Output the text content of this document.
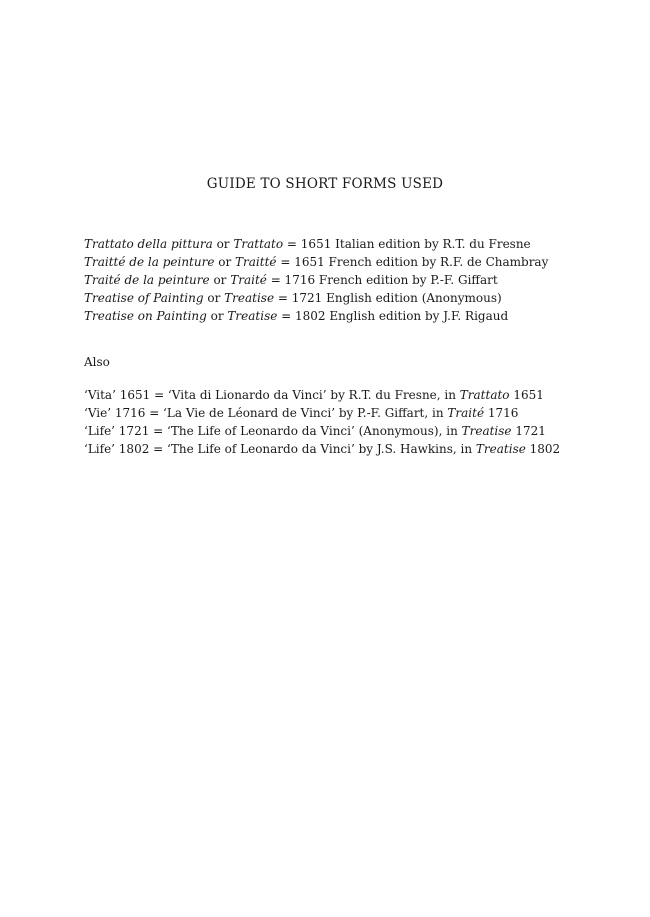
GUIDE TO SHORT FORMS USED
Trattato della pittura or Trattato = 1651 Italian edition by R.T. du Fresne
Traitté de la peinture or Traitté = 1651 French edition by R.F. de Chambray
Traité de la peinture or Traité = 1716 French edition by P.-F. Giffart
Treatise of Painting or Treatise = 1721 English edition (Anonymous)
Treatise on Painting or Treatise = 1802 English edition by J.F. Rigaud
Also
‘Vita’ 1651 = ‘Vita di Lionardo da Vinci’ by R.T. du Fresne, in Trattato 1651
‘Vie’ 1716 = ‘La Vie de Léonard de Vinci’ by P.-F. Giffart, in Traité 1716
‘Life’ 1721 = ‘The Life of Leonardo da Vinci’ (Anonymous), in Treatise 1721
‘Life’ 1802 = ‘The Life of Leonardo da Vinci’ by J.S. Hawkins, in Treatise 1802
